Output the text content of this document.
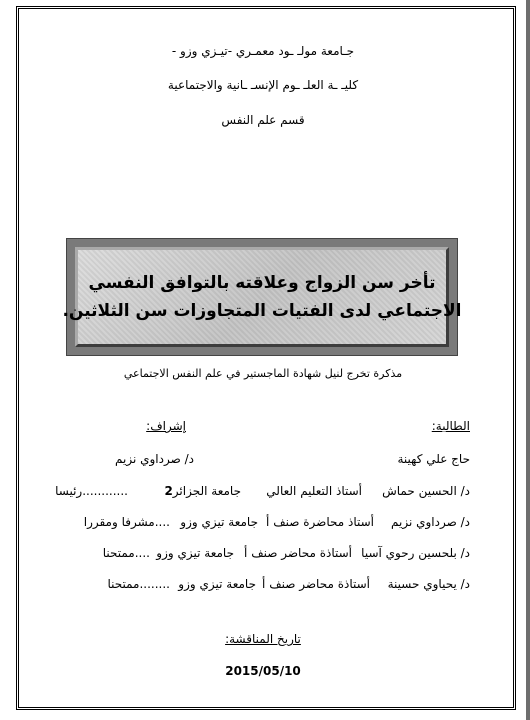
جـامعة مولـ ـود معمـري -تيـزي وزو -
كليـ ـة العلـ ـوم الإنسـ ـانية والاجتماعية
قسم علم النفس
تأخر سن الزواج وعلاقته بالتوافق النفسي
الاجتماعي لدى الفتيات المتجاوزات سن الثلاثين.
مذكرة تخرج لنيل شهادة الماجستير في علم النفس الاجتماعي
الطالبة:
إشراف:
حاج علي كهينة
د/ صرداوي نزيم
د/ الحسين حماش
أستاذ التعليم العالي
جامعة الجزائر2
............رئيسا
د/ صرداوي نزيم
أستاذ محاضرة صنف أ
جامعة تيزي وزو
....مشرفا ومقررا
د/ بلحسين رحوي آسيا
أستاذة محاضر صنف أ
جامعة تيزي وزو
....ممتحنا
د/ يحياوي حسينة
أستاذة محاضر صنف أ
جامعة تيزي وزو
........ممتحنا
تاريخ المناقشة:
2015/05/10
